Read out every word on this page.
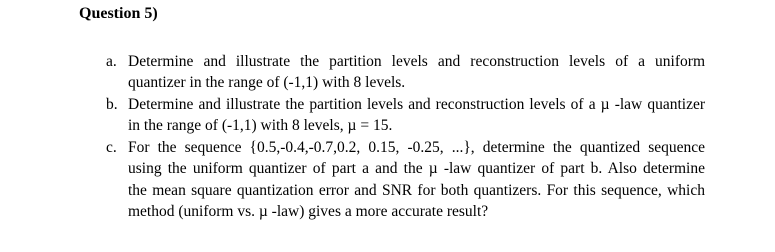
Question 5)
a. Determine and illustrate the partition levels and reconstruction levels of a uniform
quantizer in the range of (-1,1) with 8 levels.
b. Determine and illustrate the partition levels and reconstruction levels of a µ -law quantizer
in the range of (-1,1) with 8 levels, µ = 15.
c. For the sequence {0.5,-0.4,-0.7,0.2, 0.15, -0.25, ...}, determine the quantized sequence
using the uniform quantizer of part a and the µ -law quantizer of part b. Also determine
the mean square quantization error and SNR for both quantizers. For this sequence, which
method (uniform vs. µ -law) gives a more accurate result?
